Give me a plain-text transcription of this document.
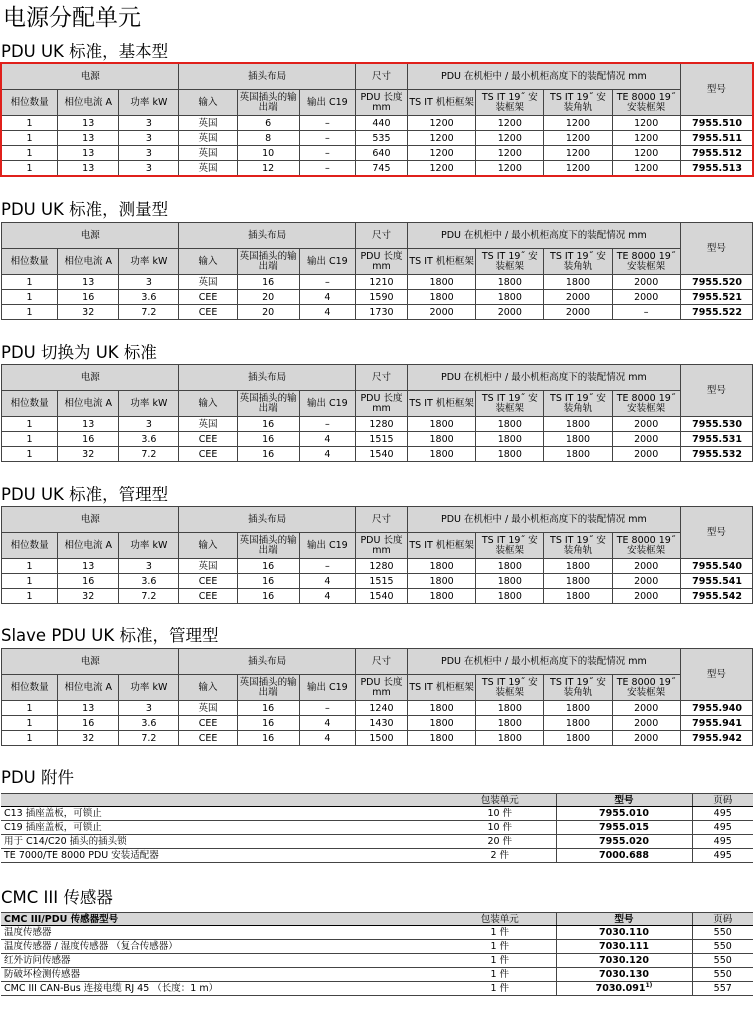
电源分配单元
PDU UK 标准，基本型
电源			插头布局			尺寸	PDU 在机柜中 / 最小机柜高度下的装配情况 mm				型号
相位数量	相位电流 A	功率 kW	输入	英国插头的输出端	输出 C19	PDU 长度 mm	TS IT 机柜框架	TS IT 19˝ 安装框架	TS IT 19˝ 安装角轨	TE 8000 19˝ 安装框架	
1	13	3	英国	6	–	440	1200	1200	1200	1200	7955.510
1	13	3	英国	8	–	535	1200	1200	1200	1200	7955.511
1	13	3	英国	10	–	640	1200	1200	1200	1200	7955.512
1	13	3	英国	12	–	745	1200	1200	1200	1200	7955.513
PDU UK 标准，测量型
电源			插头布局			尺寸	PDU 在机柜中 / 最小机柜高度下的装配情况 mm				型号
相位数量	相位电流 A	功率 kW	输入	英国插头的输出端	输出 C19	PDU 长度 mm	TS IT 机柜框架	TS IT 19˝ 安装框架	TS IT 19˝ 安装角轨	TE 8000 19˝ 安装框架	
1	13	3	英国	16	–	1210	1800	1800	1800	2000	7955.520
1	16	3.6	CEE	20	4	1590	1800	1800	2000	2000	7955.521
1	32	7.2	CEE	20	4	1730	2000	2000	2000	–	7955.522
PDU 切换为 UK 标准
电源			插头布局			尺寸	PDU 在机柜中 / 最小机柜高度下的装配情况 mm				型号
相位数量	相位电流 A	功率 kW	输入	英国插头的输出端	输出 C19	PDU 长度 mm	TS IT 机柜框架	TS IT 19˝ 安装框架	TS IT 19˝ 安装角轨	TE 8000 19˝ 安装框架	
1	13	3	英国	16	–	1280	1800	1800	1800	2000	7955.530
1	16	3.6	CEE	16	4	1515	1800	1800	1800	2000	7955.531
1	32	7.2	CEE	16	4	1540	1800	1800	1800	2000	7955.532
PDU UK 标准，管理型
电源			插头布局			尺寸	PDU 在机柜中 / 最小机柜高度下的装配情况 mm				型号
相位数量	相位电流 A	功率 kW	输入	英国插头的输出端	输出 C19	PDU 长度 mm	TS IT 机柜框架	TS IT 19˝ 安装框架	TS IT 19˝ 安装角轨	TE 8000 19˝ 安装框架	
1	13	3	英国	16	–	1280	1800	1800	1800	2000	7955.540
1	16	3.6	CEE	16	4	1515	1800	1800	1800	2000	7955.541
1	32	7.2	CEE	16	4	1540	1800	1800	1800	2000	7955.542
Slave PDU UK 标准，管理型
电源			插头布局			尺寸	PDU 在机柜中 / 最小机柜高度下的装配情况 mm				型号
相位数量	相位电流 A	功率 kW	输入	英国插头的输出端	输出 C19	PDU 长度 mm	TS IT 机柜框架	TS IT 19˝ 安装框架	TS IT 19˝ 安装角轨	TE 8000 19˝ 安装框架	
1	13	3	英国	16	–	1240	1800	1800	1800	2000	7955.940
1	16	3.6	CEE	16	4	1430	1800	1800	1800	2000	7955.941
1	32	7.2	CEE	16	4	1500	1800	1800	1800	2000	7955.942
PDU 附件
	包装单元	型号	页码
C13 插座盖板，可锁止	10 件	7955.010	495
C19 插座盖板，可锁止	10 件	7955.015	495
用于 C14/C20 插头的插头锁	20 件	7955.020	495
TE 7000/TE 8000 PDU 安装适配器	2 件	7000.688	495
CMC III 传感器
CMC III/PDU 传感器型号	包装单元	型号	页码
温度传感器	1 件	7030.110	550
温度传感器 / 湿度传感器 （复合传感器）	1 件	7030.111	550
红外访问传感器	1 件	7030.120	550
防破坏检测传感器	1 件	7030.130	550
CMC III CAN-Bus 连接电缆 RJ 45 （长度：1 m）	1 件	7030.091$^{1)}$	557
